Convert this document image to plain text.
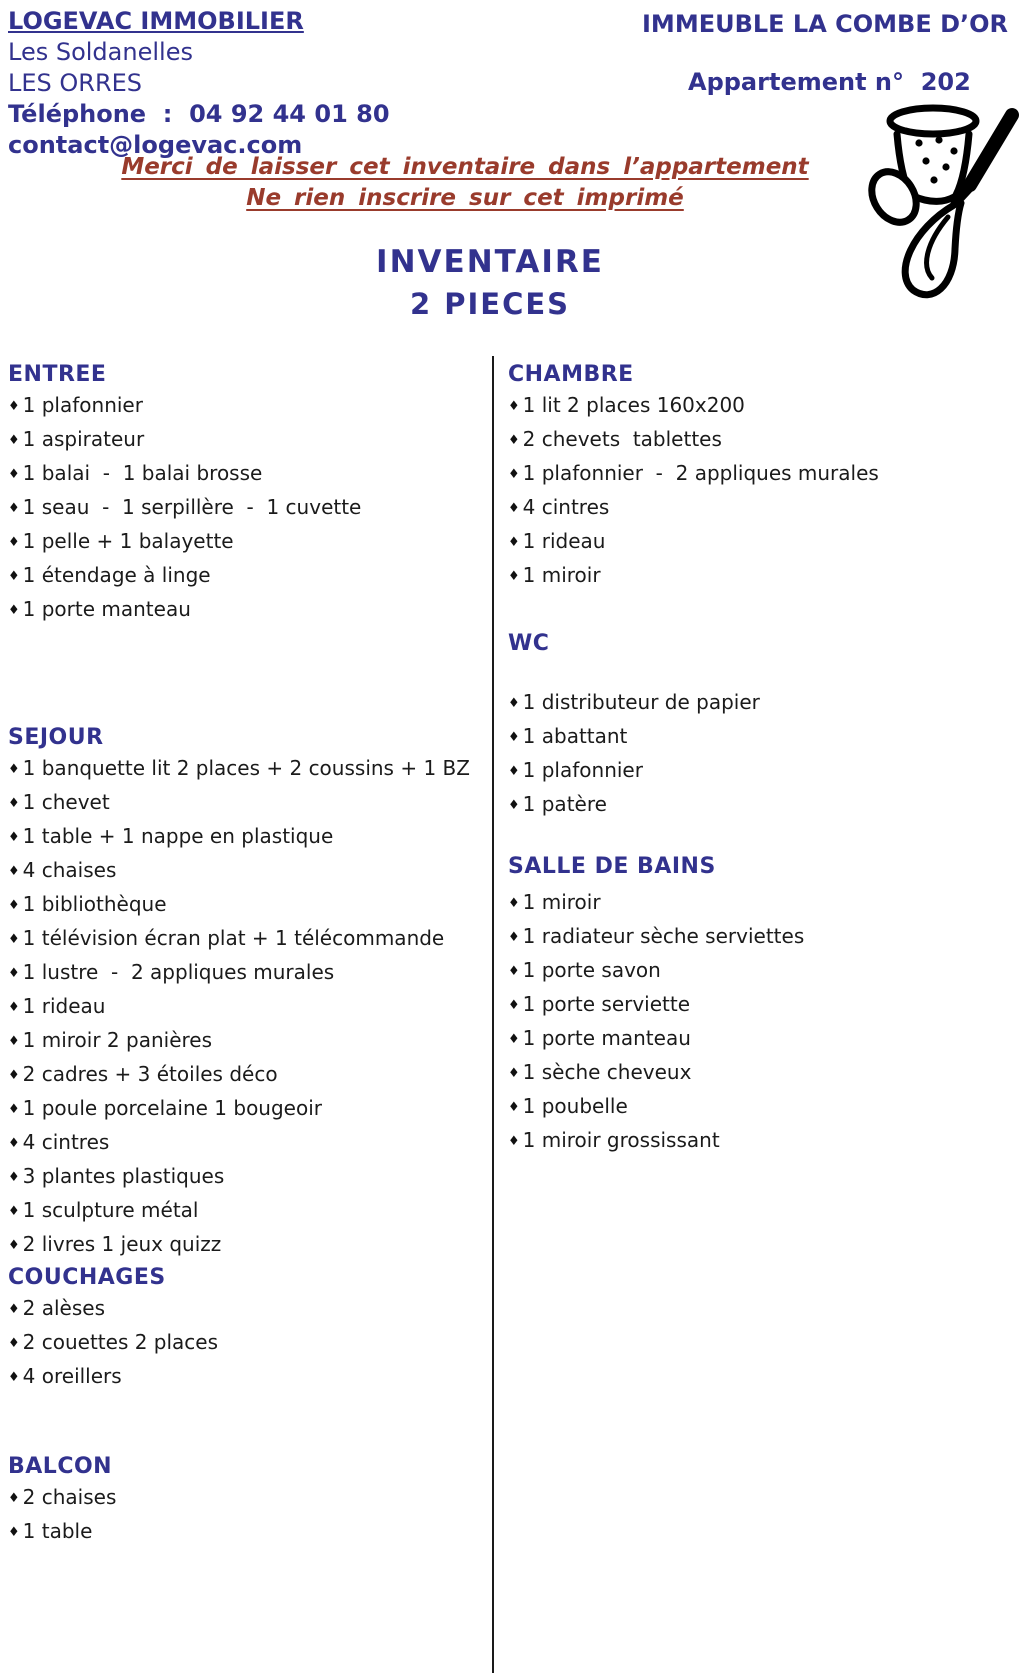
LOGEVAC IMMOBILIER
Les Soldanelles
LES ORRES
Téléphone  :  04 92 44 01 80
contact@logevac.com
IMMEUBLE LA COMBE D’OR
Appartement n°  202
Merci de laisser cet inventaire dans l’appartement
Ne rien inscrire sur cet imprimé
INVENTAIRE
2 PIECES
ENTREE
♦ 1 plafonnier
♦ 1 aspirateur
♦ 1 balai  -  1 balai brosse
♦ 1 seau  -  1 serpillère  -  1 cuvette
♦ 1 pelle + 1 balayette
♦ 1 étendage à linge
♦ 1 porte manteau
SEJOUR
♦ 1 banquette lit 2 places + 2 coussins + 1 BZ
♦ 1 chevet
♦ 1 table + 1 nappe en plastique
♦ 4 chaises
♦ 1 bibliothèque
♦ 1 télévision écran plat + 1 télécommande
♦ 1 lustre  -  2 appliques murales
♦ 1 rideau
♦ 1 miroir 2 panières
♦ 2 cadres + 3 étoiles déco
♦ 1 poule porcelaine 1 bougeoir
♦ 4 cintres
♦ 3 plantes plastiques
♦ 1 sculpture métal
♦ 2 livres 1 jeux quizz
COUCHAGES
♦ 2 alèses
♦ 2 couettes 2 places
♦ 4 oreillers
BALCON
♦ 2 chaises
♦ 1 table
CHAMBRE
♦ 1 lit 2 places 160x200
♦ 2 chevets  tablettes
♦ 1 plafonnier  -  2 appliques murales
♦ 4 cintres
♦ 1 rideau
♦ 1 miroir
WC
♦ 1 distributeur de papier
♦ 1 abattant
♦ 1 plafonnier
♦ 1 patère
SALLE DE BAINS
♦ 1 miroir
♦ 1 radiateur sèche serviettes
♦ 1 porte savon
♦ 1 porte serviette
♦ 1 porte manteau
♦ 1 sèche cheveux
♦ 1 poubelle
♦ 1 miroir grossissant
